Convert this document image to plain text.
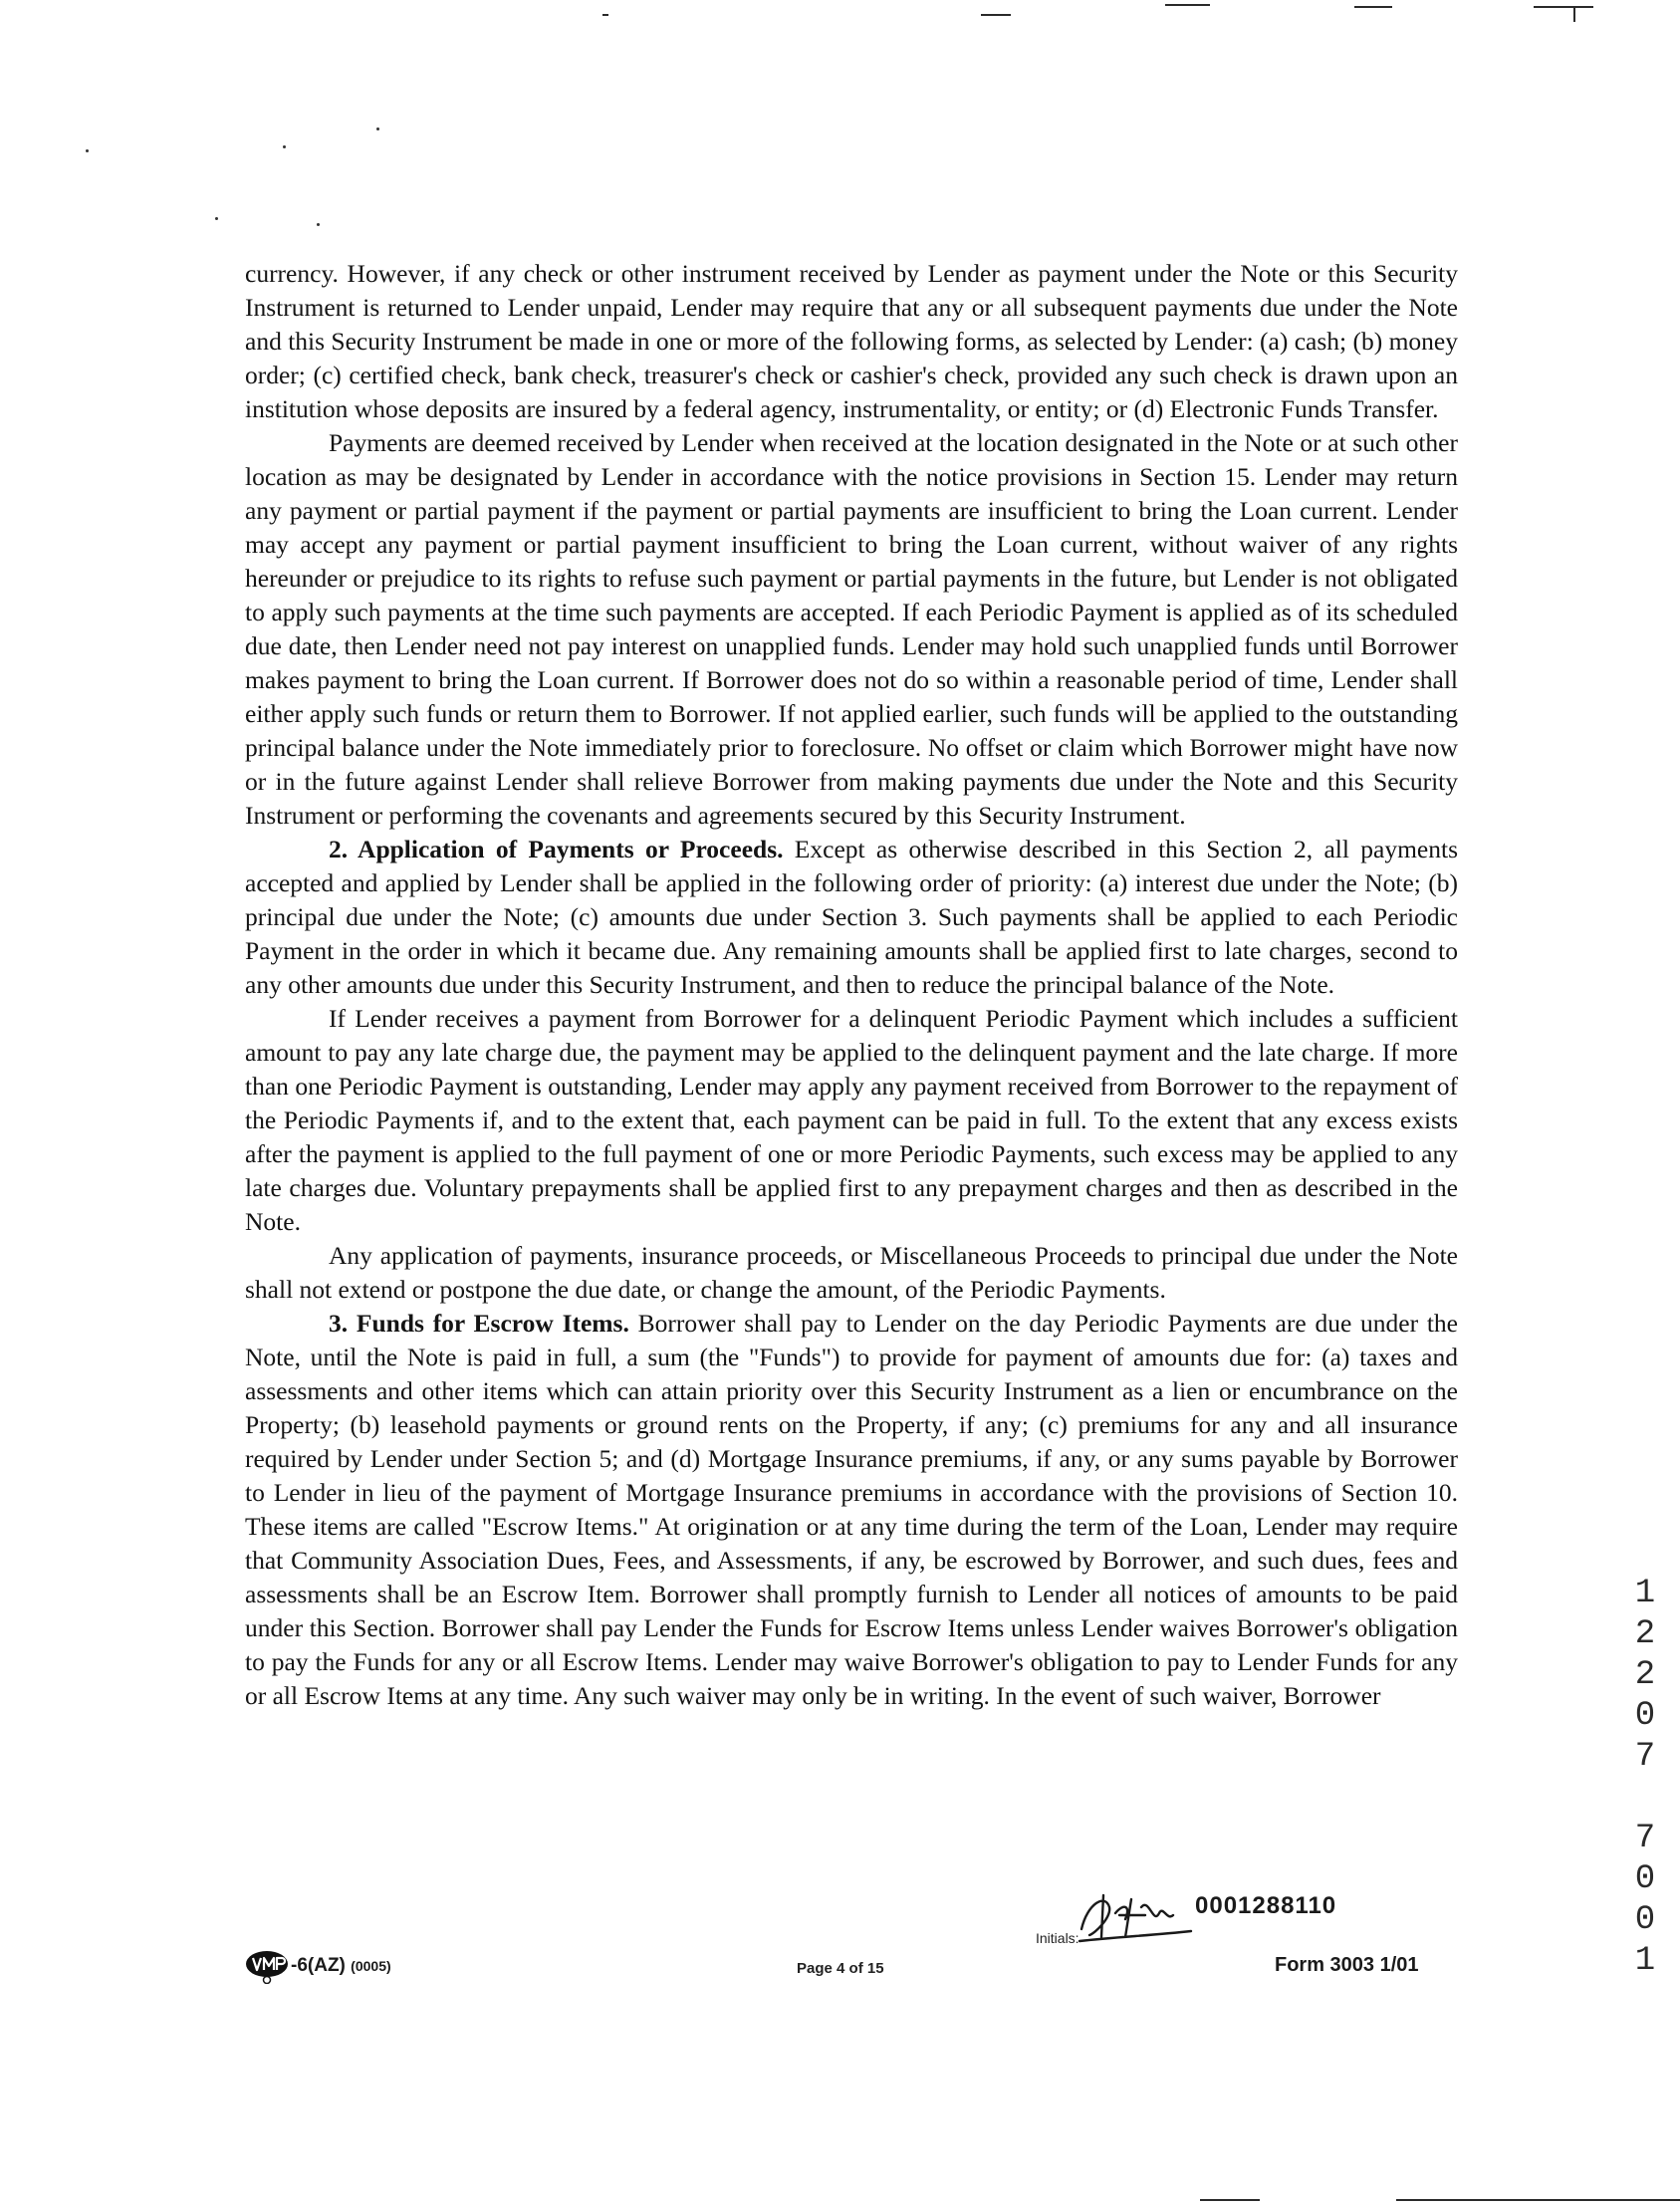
currency. However, if any check or other instrument received by Lender as payment under the Note or this Security Instrument is returned to Lender unpaid, Lender may require that any or all subsequent payments due under the Note and this Security Instrument be made in one or more of the following forms, as selected by Lender: (a) cash; (b) money order; (c) certified check, bank check, treasurer's check or cashier's check, provided any such check is drawn upon an institution whose deposits are insured by a federal agency, instrumentality, or entity; or (d) Electronic Funds Transfer.

Payments are deemed received by Lender when received at the location designated in the Note or at such other location as may be designated by Lender in accordance with the notice provisions in Section 15. Lender may return any payment or partial payment if the payment or partial payments are insufficient to bring the Loan current. Lender may accept any payment or partial payment insufficient to bring the Loan current, without waiver of any rights hereunder or prejudice to its rights to refuse such payment or partial payments in the future, but Lender is not obligated to apply such payments at the time such payments are accepted. If each Periodic Payment is applied as of its scheduled due date, then Lender need not pay interest on unapplied funds. Lender may hold such unapplied funds until Borrower makes payment to bring the Loan current. If Borrower does not do so within a reasonable period of time, Lender shall either apply such funds or return them to Borrower. If not applied earlier, such funds will be applied to the outstanding principal balance under the Note immediately prior to foreclosure. No offset or claim which Borrower might have now or in the future against Lender shall relieve Borrower from making payments due under the Note and this Security Instrument or performing the covenants and agreements secured by this Security Instrument.

2. Application of Payments or Proceeds. Except as otherwise described in this Section 2, all payments accepted and applied by Lender shall be applied in the following order of priority: (a) interest due under the Note; (b) principal due under the Note; (c) amounts due under Section 3. Such payments shall be applied to each Periodic Payment in the order in which it became due. Any remaining amounts shall be applied first to late charges, second to any other amounts due under this Security Instrument, and then to reduce the principal balance of the Note.

If Lender receives a payment from Borrower for a delinquent Periodic Payment which includes a sufficient amount to pay any late charge due, the payment may be applied to the delinquent payment and the late charge. If more than one Periodic Payment is outstanding, Lender may apply any payment received from Borrower to the repayment of the Periodic Payments if, and to the extent that, each payment can be paid in full. To the extent that any excess exists after the payment is applied to the full payment of one or more Periodic Payments, such excess may be applied to any late charges due. Voluntary prepayments shall be applied first to any prepayment charges and then as described in the Note.

Any application of payments, insurance proceeds, or Miscellaneous Proceeds to principal due under the Note shall not extend or postpone the due date, or change the amount, of the Periodic Payments.

3. Funds for Escrow Items. Borrower shall pay to Lender on the day Periodic Payments are due under the Note, until the Note is paid in full, a sum (the "Funds") to provide for payment of amounts due for: (a) taxes and assessments and other items which can attain priority over this Security Instrument as a lien or encumbrance on the Property; (b) leasehold payments or ground rents on the Property, if any; (c) premiums for any and all insurance required by Lender under Section 5; and (d) Mortgage Insurance premiums, if any, or any sums payable by Borrower to Lender in lieu of the payment of Mortgage Insurance premiums in accordance with the provisions of Section 10. These items are called "Escrow Items." At origination or at any time during the term of the Loan, Lender may require that Community Association Dues, Fees, and Assessments, if any, be escrowed by Borrower, and such dues, fees and assessments shall be an Escrow Item. Borrower shall promptly furnish to Lender all notices of amounts to be paid under this Section. Borrower shall pay Lender the Funds for Escrow Items unless Lender waives Borrower's obligation to pay the Funds for any or all Escrow Items. Lender may waive Borrower's obligation to pay to Lender Funds for any or all Escrow Items at any time. Any such waiver may only be in writing. In the event of such waiver, Borrower

0001288110
Initials:
Form 3003 1/01
Page 4 of 15
-6(AZ) (0005)
1
2
2
0
7
7
0
0
1
